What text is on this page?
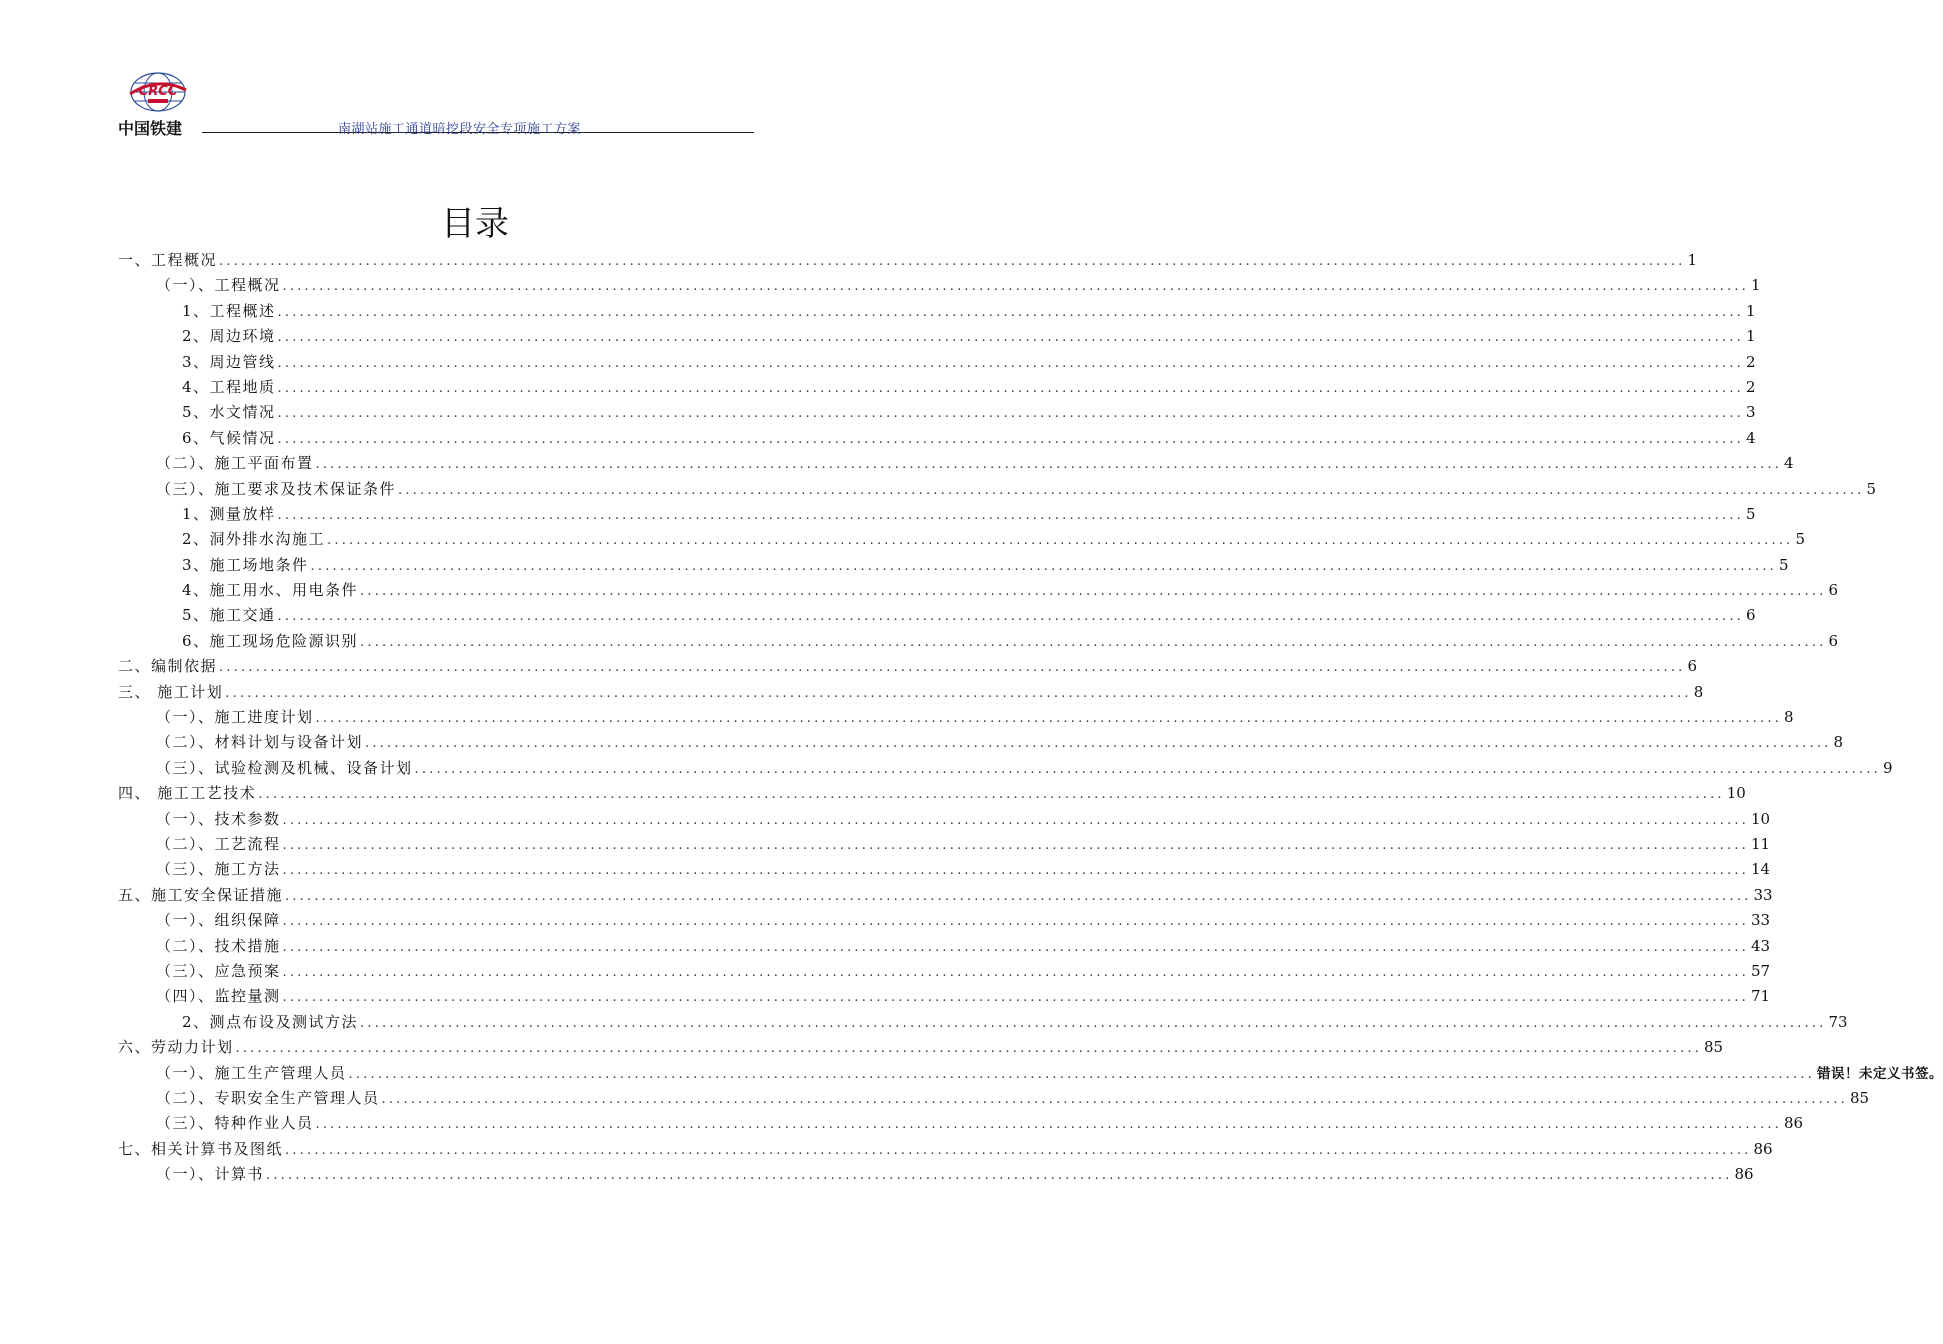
CRCC
中国铁建	南湖站施工通道暗挖段安全专项施工方案
目录
一、工程概况 ........................................................................................................................................................................................................ 1
（一）、工程概况 ........................................................................................................................................................................................................ 1
1、工程概述 ........................................................................................................................................................................................................ 1
2、周边环境 ........................................................................................................................................................................................................ 1
3、周边管线 ........................................................................................................................................................................................................ 2
4、工程地质 ........................................................................................................................................................................................................ 2
5、水文情况 ........................................................................................................................................................................................................ 3
6、气候情况 ........................................................................................................................................................................................................ 4
（二）、施工平面布置 ........................................................................................................................................................................................................ 4
（三）、施工要求及技术保证条件 ........................................................................................................................................................................................................ 5
1、测量放样 ........................................................................................................................................................................................................ 5
2、洞外排水沟施工 ........................................................................................................................................................................................................ 5
3、施工场地条件 ........................................................................................................................................................................................................ 5
4、施工用水、用电条件 ........................................................................................................................................................................................................ 6
5、施工交通 ........................................................................................................................................................................................................ 6
6、施工现场危险源识别 ........................................................................................................................................................................................................ 6
二、编制依据 ........................................................................................................................................................................................................ 6
三、 施工计划 ........................................................................................................................................................................................................ 8
（一）、施工进度计划 ........................................................................................................................................................................................................ 8
（二）、材料计划与设备计划 ........................................................................................................................................................................................................ 8
（三）、试验检测及机械、设备计划 ........................................................................................................................................................................................................ 9
四、 施工工艺技术 ........................................................................................................................................................................................................ 10
（一）、技术参数 ........................................................................................................................................................................................................ 10
（二）、工艺流程 ........................................................................................................................................................................................................ 11
（三）、施工方法 ........................................................................................................................................................................................................ 14
五、施工安全保证措施 ........................................................................................................................................................................................................ 33
（一）、组织保障 ........................................................................................................................................................................................................ 33
（二）、技术措施 ........................................................................................................................................................................................................ 43
（三）、应急预案 ........................................................................................................................................................................................................ 57
（四）、监控量测 ........................................................................................................................................................................................................ 71
2、测点布设及测试方法 ........................................................................................................................................................................................................ 73
六、劳动力计划 ........................................................................................................................................................................................................ 85
（一）、施工生产管理人员 ........................................................................................................................................................................................................ 错误！未定义书签。
（二）、专职安全生产管理人员 ........................................................................................................................................................................................................ 85
（三）、特种作业人员 ........................................................................................................................................................................................................ 86
七、相关计算书及图纸 ........................................................................................................................................................................................................ 86
（一）、计算书 ........................................................................................................................................................................................................ 86
